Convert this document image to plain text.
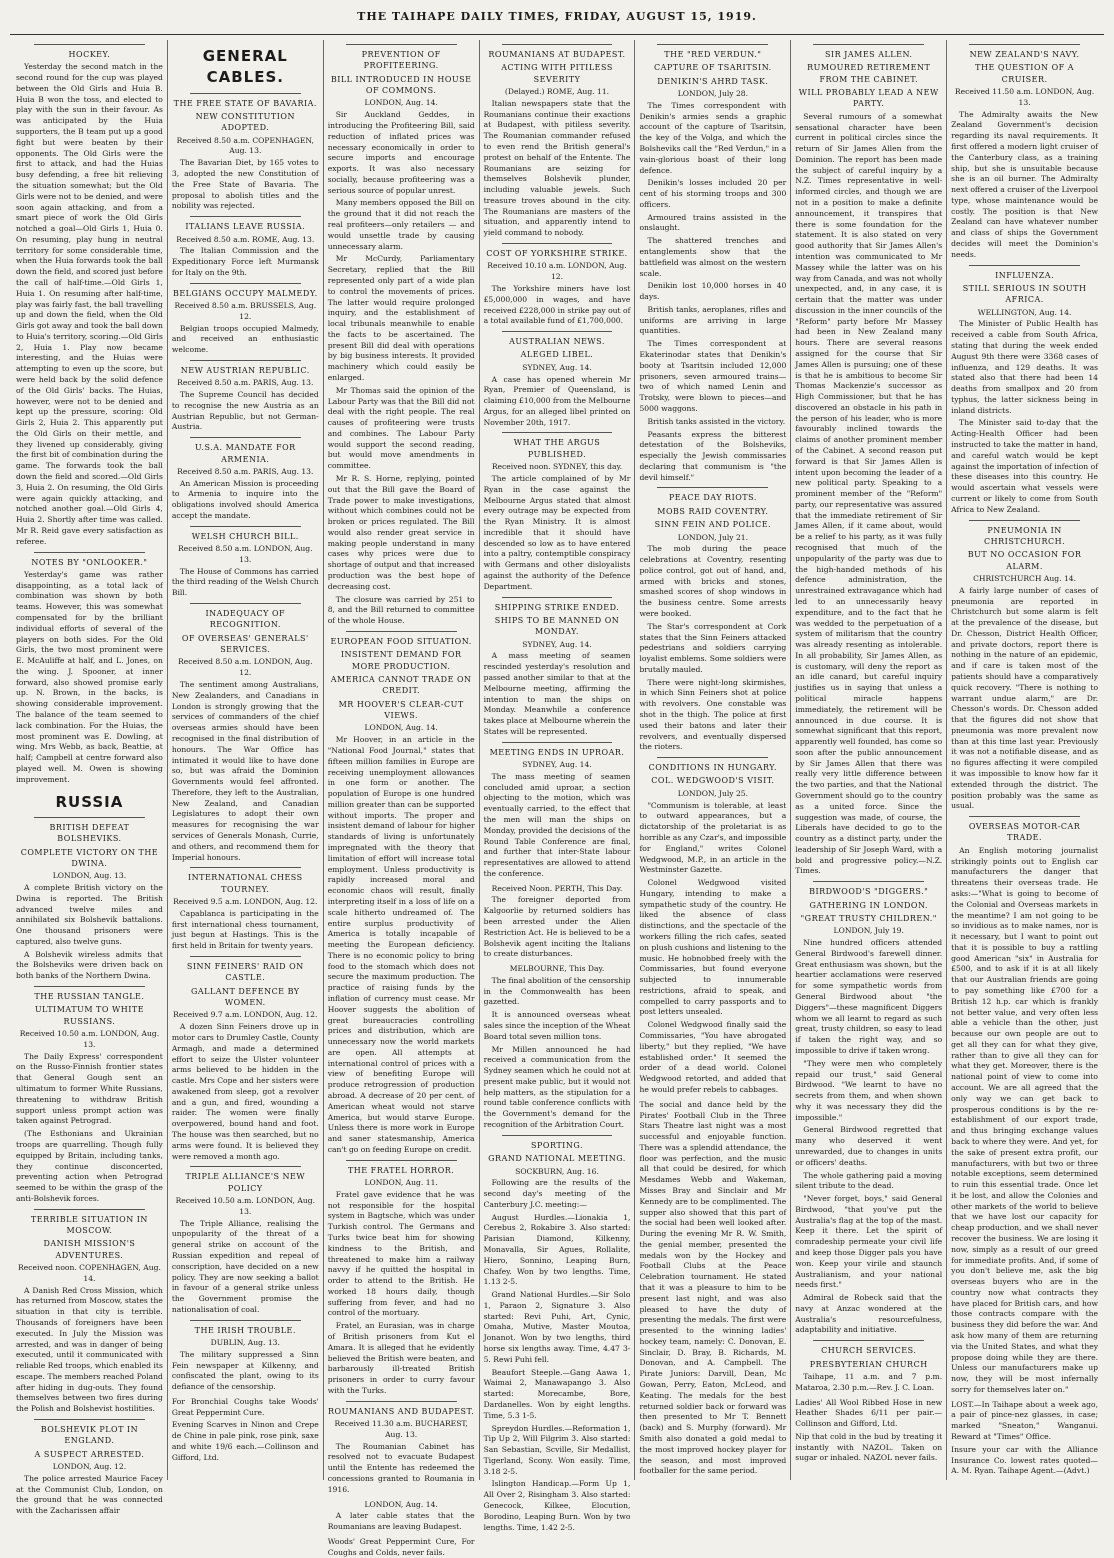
THE TAIHAPE DAILY TIMES, FRIDAY, AUGUST 15, 1919.
HOCKEY.

Yesterday the second match in the second round for the cup was played between the Old Girls and Huia B. Huia B won the toss, and elected to play with the sun in their favour. As was anticipated by the Huia supporters, the B team put up a good fight but were beaten by their opponents. The Old Girls were the first to attack, and had the Huias busy defending, a free hit relieving the situation somewhat; but the Old Girls were not to be denied, and were soon again attacking, and from a smart piece of work the Old Girls notched a goal—Old Girls 1, Huia 0. On resuming, play hung in neutral territory for some considerable time, when the Huia forwards took the ball down the field, and scored just before the call of half-time.—Old Girls 1, Huia 1. On resuming after half-time, play was fairly fast, the ball travelling up and down the field, when the Old Girls got away and took the ball down to Huia's territory, scoring.—Old Girls 2, Huia 1. Play now became interesting, and the Huias were attempting to even up the score, but were held back by the solid defence of the Old Girls' backs. The Huias, however, were not to be denied and kept up the pressure, scoring: Old Girls 2, Huia 2. This apparently put the Old Girls on their mettle, and they livened up considerably, giving the first bit of combination during the game. The forwards took the ball down the field and scored.—Old Girls 3, Huia 2. On resuming, the Old Girls were again quickly attacking, and notched another goal.—Old Girls 4, Huia 2. Shortly after time was called. Mr R. Reid gave every satisfaction as referee.

NOTES BY "ONLOOKER."

Yesterday's game was rather disappointing, as a total lack of combination was shown by both teams. However, this was somewhat compensated for by the brilliant individual efforts of several of the players on both sides. For the Old Girls, the two most prominent were E. McAuliffe at half, and L. Jones, on the wing. J. Spooner, at inner forward, also showed promise early up. N. Brown, in the backs, is showing considerable improvement. The balance of the team seemed to lack combination. For the Huias, the most prominent was E. Dowling, at wing. Mrs Webb, as back, Beattie, at half; Campbell at centre forward also played well. M. Owen is showing improvement.

RUSSIA
BRITISH DEFEAT BOLSHEVIKS.
COMPLETE VICTORY ON THE DWINA.
LONDON, Aug. 13.

A complete British victory on the Dwina is reported. The British advanced twelve miles and annihilated six Bolshevik battalions. One thousand prisoners were captured, also twelve guns.

A Bolshevik wireless admits that the Bolsheviks were driven back on both banks of the Northern Dwina.

THE RUSSIAN TANGLE.
ULTIMATUM TO WHITE RUSSIANS.
Received 10.50 a.m. LONDON, Aug. 13.

The Daily Express' correspondent on the Russo-Finnish frontier states that General Gough sent an ultimatum to former White Russians, threatening to withdraw British support unless prompt action was taken against Petrograd.

(The Esthonians and Ukrainian troops are quarrelling. Though fully equipped by Britain, including tanks, they continue disconcerted, preventing action when Petrograd seemed to be within the grasp of the anti-Bolshevik forces.

TERRIBLE SITUATION IN MOSCOW.
DANISH MISSION'S ADVENTURES.
Received noon. COPENHAGEN, Aug. 14.

A Danish Red Cross Mission, which has returned from Moscow, states the situation in that city is terrible. Thousands of foreigners have been executed. In July the Mission was arrested, and was in danger of being executed, until it communicated with reliable Red troops, which enabled its escape. The members reached Poland after hiding in dug-outs. They found themselves between two fires during the Polish and Bolshevist hostilities.

BOLSHEVIK PLOT IN ENGLAND.
A SUSPECT ARRESTED.
LONDON, Aug. 12.

The police arrested Maurice Facey at the Communist Club, London, on the ground that he was connected with the Zacharissen affair

GENERAL CABLES.
THE FREE STATE OF BAVARIA.
NEW CONSTITUTION ADOPTED.
Received 8.50 a.m. COPENHAGEN, Aug. 13.

The Bavarian Diet, by 165 votes to 3, adopted the new Constitution of the Free State of Bavaria. The proposal to abolish titles and the nobility was rejected.

ITALIANS LEAVE RUSSIA.
Received 8.50 a.m. ROME, Aug. 13.

The Italian Commission and the Expeditionary Force left Murmansk for Italy on the 9th.

BELGIANS OCCUPY MALMEDY.
Received 8.50 a.m. BRUSSELS, Aug. 12.

Belgian troops occupied Malmedy, and received an enthusiastic welcome.

NEW AUSTRIAN REPUBLIC.
Received 8.50 a.m. PARIS, Aug. 13.

The Supreme Council has decided to recognise the new Austria as an Austrian Republic, but not German-Austria.

U.S.A. MANDATE FOR ARMENIA.
Received 8.50 a.m. PARIS, Aug. 13.

An American Mission is proceeding to Armenia to inquire into the obligations involved should America accept the mandate.

WELSH CHURCH BILL.
Received 8.50 a.m. LONDON, Aug. 13.

The House of Commons has carried the third reading of the Welsh Church Bill.

INADEQUACY OF RECOGNITION.
OF OVERSEAS' GENERALS' SERVICES.
Received 8.50 a.m. LONDON, Aug. 12.

The sentiment among Australians, New Zealanders, and Canadians in London is strongly growing that the services of commanders of the chief overseas armies should have been recognised in the final distribution of honours. The War Office has intimated it would like to have done so, but was afraid the Dominion Governments would feel affronted. Therefore, they left to the Australian, New Zealand, and Canadian Legislatures to adopt their own measures for recognising the war services of Generals Monash, Currie, and others, and recommend them for Imperial honours.

INTERNATIONAL CHESS TOURNEY.
Received 9.5 a.m. LONDON, Aug. 12.

Capablanca is participating in the first international chess tournament, just begun at Hastings. This is the first held in Britain for twenty years.

SINN FEINERS' RAID ON CASTLE.
GALLANT DEFENCE BY WOMEN.
Received 9.7 a.m. LONDON, Aug. 12.

A dozen Sinn Feiners drove up in motor cars to Drumley Castle, County Armagh, and made a determined effort to seize the Ulster volunteer arms believed to be hidden in the castle. Mrs Cope and her sisters were awakened from sleep, got a revolver and a gun, and fired, wounding a raider. The women were finally overpowered, bound hand and foot. The house was then searched, but no arms were found. It is believed they were removed a month ago.

TRIPLE ALLIANCE'S NEW POLICY
Received 10.50 a.m. LONDON, Aug. 13.

The Triple Alliance, realising the unpopularity of the threat of a general strike on account of the Russian expedition and repeal of conscription, have decided on a new policy. They are now seeking a ballot in favour of a general strike unless the Government promise the nationalisation of coal.

THE IRISH TROUBLE.
DUBLIN, Aug. 13.

The military suppressed a Sinn Fein newspaper at Kilkenny, and confiscated the plant, owing to its defiance of the censorship.

For Bronchial Coughs take Woods' Great Peppermint Cure.

Evening Scarves in Ninon and Crepe de Chine in pale pink, rose pink, saxe and white 19/6 each.—Collinson and Gifford, Ltd.

PREVENTION OF PROFITEERING.
BILL INTRODUCED IN HOUSE OF COMMONS.
LONDON, Aug. 14.

Sir Auckland Geddes, in introducing the Profiteering Bill, said reduction of inflated prices was necessary economically in order to secure imports and encourage exports. It was also necessary socially, because profiteering was a serious source of popular unrest.

Many members opposed the Bill on the ground that it did not reach the real profiteers—only retailers — and would unsettle trade by causing unnecessary alarm.

Mr McCurdy, Parliamentary Secretary, replied that the Bill represented only part of a wide plan to control the movements of prices. The latter would require prolonged inquiry, and the establishment of local tribunals meanwhile to enable the facts to be ascertained. The present Bill did deal with operations by big business interests. It provided machinery which could easily be enlarged.

Mr Thomas said the opinion of the Labour Party was that the Bill did not deal with the right people. The real causes of profiteering were trusts and combines. The Labour Party would support the second reading, but would move amendments in committee.

Mr R. S. Horne, replying, pointed out that the Bill gave the Board of Trade power to make investigations, without which combines could not be broken or prices regulated. The Bill would also render great service in making people understand in many cases why prices were due to shortage of output and that increased production was the best hope of decreasing cost.

The closure was carried by 251 to 8, and the Bill returned to committee of the whole House.

EUROPEAN FOOD SITUATION.
INSISTENT DEMAND FOR MORE PRODUCTION.
AMERICA CANNOT TRADE ON CREDIT.
MR HOOVER'S CLEAR-CUT VIEWS.
LONDON, Aug. 14.

Mr Hoover, in an article in the "National Food Journal," states that fifteen million families in Europe are receiving unemployment allowances in one form or another. The population of Europe is one hundred million greater than can be supported without imports. The proper and insistent demand of labour for higher standards of living is unfortunately impregnated with the theory that limitation of effort will increase total employment. Unless productivity is rapidly increased moral and economic chaos will result, finally interpreting itself in a loss of life on a scale hitherto undreamed of. The entire surplus productivity of America is totally incapable of meeting the European deficiency. There is no economic policy to bring food to the stomach which does not secure the maximum production. The practice of raising funds by the inflation of currency must cease. Mr Hoover suggests the abolition of great bureaucracies controlling prices and distribution, which are unnecessary now the world markets are open. All attempts at international control of prices with a view of benefiting Europe will produce retrogression of production abroad. A decrease of 20 per cent. of American wheat would not starve America, but would starve Europe. Unless there is more work in Europe and saner statesmanship, America can't go on feeding Europe on credit.

THE FRATEL HORROR.
LONDON, Aug. 11.

Fratel gave evidence that he was not responsible for the hospital system in Bagtsche, which was under Turkish control. The Germans and Turks twice beat him for showing kindness to the British, and threatened to make him a railway navvy if he quitted the hospital in order to attend to the British. He worked 18 hours daily, though suffering from fever, and had no control of the mortuary.

Fratel, an Eurasian, was in charge of British prisoners from Kut el Amara. It is alleged that he evidently believed the British were beaten, and barbarously ill-treated British prisoners in order to curry favour with the Turks.

ROUMANIANS AND BUDAPEST.
Received 11.30 a.m. BUCHAREST, Aug. 13.

The Roumanian Cabinet has resolved not to evacuate Budapest until the Entente has redeemed the concessions granted to Roumania in 1916.

LONDON, Aug. 14.

A later cable states that the Roumanians are leaving Budapest.

Woods' Great Peppermint Cure, For Coughs and Colds, never fails.

ROUMANIANS AT BUDAPEST.
ACTING WITH PITILESS SEVERITY
(Delayed.) ROME, Aug. 11.

Italian newspapers state that the Roumanians continue their exactions at Budapest, with pitiless severity. The Roumanian commander refused to even rend the British general's protest on behalf of the Entente. The Roumanians are seizing for themselves Bolshevik plunder, including valuable jewels. Such treasure troves abound in the city. The Roumanians are masters of the situation, and apparently intend to yield command to nobody.

COST OF YORKSHIRE STRIKE.
Received 10.10 a.m. LONDON, Aug. 12.

The Yorkshire miners have lost £5,000,000 in wages, and have received £228,000 in strike pay out of a total available fund of £1,700,000.

AUSTRALIAN NEWS.
ALEGED LIBEL.
SYDNEY, Aug. 14.

A case has opened wherein Mr Ryan, Premier of Queensland, is claiming £10,000 from the Melbourne Argus, for an alleged libel printed on November 20th, 1917.

WHAT THE ARGUS PUBLISHED.
Received noon. SYDNEY, this day.

The article complained of by Mr Ryan in the case against the Melbourne Argus stated that almost every outrage may be expected from the Ryan Ministry. It is almost incredible that it should have descended so low as to have entered into a paltry, contemptible conspiracy with Germans and other disloyalists against the authority of the Defence Department.

SHIPPING STRIKE ENDED.
SHIPS TO BE MANNED ON MONDAY.
SYDNEY, Aug. 14.

A mass meeting of seamen rescinded yesterday's resolution and passed another similar to that at the Melbourne meeting, affirming the intention to man the ships on Monday. Meanwhile a conference takes place at Melbourne wherein the States will be represented.

MEETING ENDS IN UPROAR.
SYDNEY, Aug. 14.

The mass meeting of seamen concluded amid uproar, a section objecting to the motion, which was eventually carried, to the effect that the men will man the ships on Monday, provided the decisions of the Round Table Conference are final, and further that inter-State labour representatives are allowed to attend the conference.

Received Noon. PERTH, This Day.

The foreigner deported from Kalgoorlie by returned soldiers has been arrested under the Alien Restriction Act. He is believed to be a Bolshevik agent inciting the Italians to create disturbances.

MELBOURNE, This Day.

The final abolition of the censorship in the Commonwealth has been gazetted.

It is announced overseas wheat sales since the inception of the Wheat Board total seven million tons.

Mr Millen announced he had received a communication from the Sydney seamen which he could not at present make public, but it would not help matters, as the stipulation for a round table conference conflicts with the Government's demand for the recognition of the Arbitration Court.

SPORTING.
GRAND NATIONAL MEETING.
SOCKBURN, Aug. 16.

Following are the results of the second day's meeting of the Canterbury J.C. meeting:—

August Hurdles.—Lionakia 1, Cerebus 2, Rokabire 3. Also started: Parisian Diamond, Kilkenny, Monavalla, Sir Agues, Rollalite, Hiero, Sonnino, Leaping Burn, Chafey. Won by two lengths. Time, 1.13 2-5.

Grand National Hurdles.—Sir Solo 1, Paraon 2, Signature 3. Also started: Revi Puhi, Art, Cynic, Omaha, Mutive, Master Moutoa, Jonanot. Won by two lengths, third horse six lengths away. Time, 4.47 3-5. Rewi Puhi fell.

Beaufort Steeple.—Gang Aawa 1, Waimai 2, Manawapango 3. Also started: Morecambe, Bore, Dardanelles. Won by eight lengths. Time, 5.3 1-5.

Spreydon Hurdles.—Reformation 1, Tip Up 2, Will Filgrim 3. Also started: San Sebastian, Scville, Sir Medallist, Tigerland, Scony. Won easily. Time, 3.18 2-5.

Islington Handicap.—Form Up 1, All Over 2, Risingham 3. Also started: Genecock, Kilkee, Elocution, Borodino, Leaping Burn. Won by two lengths. Time, 1.42 2-5.

THE "RED VERDUN."
CAPTURE OF TSARITSIN.
DENIKIN'S AHRD TASK.
LONDON, July 28.

The Times correspondent with Denikin's armies sends a graphic account of the capture of Tsaritsin, the key of the Volga, and which the Bolsheviks call the "Red Verdun," in a vain-glorious boast of their long defence.

Denikin's losses included 20 per cent of his storming troops and 300 officers.

Armoured trains assisted in the onslaught.

The shattered trenches and entanglements show that the battlefield was almost on the western scale.

Denikin lost 10,000 horses in 40 days.

British tanks, aeroplanes, rifles and uniforms are arriving in large quantities.

The Times correspondent at Ekaterinodar states that Denikin's booty at Tsaritsin included 12,000 prisoners, seven armoured trains—two of which named Lenin and Trotsky, were blown to pieces—and 5000 waggons.

British tanks assisted in the victory.

Peasants express the bitterest detestation of the Bolsheviks, especially the Jewish commissaries declaring that communism is "the devil himself."

PEACE DAY RIOTS.
MOBS RAID COVENTRY.
SINN FEIN AND POLICE.
LONDON, July 21.

The mob during the peace celebrations at Coventry, resenting police control, got out of hand, and, armed with bricks and stones, smashed scores of shop windows in the business centre. Some arrests were booked.

The Star's correspondent at Cork states that the Sinn Feiners attacked pedestrians and soldiers carrying loyalist emblems. Some soldiers were brutally mauled.

There were night-long skirmishes, in which Sinn Feiners shot at police with revolvers. One constable was shot in the thigh. The police at first used their batons and later their revolvers, and eventually dispersed the rioters.

CONDITIONS IN HUNGARY.
COL. WEDGWOOD'S VISIT.
LONDON, July 25.

"Communism is tolerable, at least to outward appearances, but a dictatorship of the proletariat is as horrible as any Czar's, and impossible for England," writes Colonel Wedgwood, M.P., in an article in the Westminster Gazette.

Colonel Wedgwood visited Hungary, intending to make a sympathetic study of the country. He liked the absence of class distinctions, and the spectacle of the workers filling the rich cafes, seated on plush cushions and listening to the music. He hobnobbed freely with the Commissaries, but found everyone subjected to innumerable restrictions, afraid to speak, and compelled to carry passports and to post letters unsealed.

Colonel Wedgwood finally said the Commissaries, "You have abrogated liberty," but they replied, "We have established order." It seemed the order of a dead world. Colonel Wedgwood retorted, and added that he would prefer rebels to cabbages.

The social and dance held by the Pirates' Football Club in the Three Stars Theatre last night was a most successful and enjoyable function. There was a splendid attendance, the floor was perfection, and the music all that could be desired, for which Mesdames Webb and Wakeman, Misses Bray and Sinclair and Mr Kennedy are to be complimented. The supper also showed that this part of the social had been well looked after. During the evening Mr R. W. Smith, the genial member, presented the medals won by the Hockey and Football Clubs at the Peace Celebration tournament. He stated that it was a pleasure to him to be present last night, and was also pleased to have the duty of presenting the medals. The first were presented to the winning ladies' hockey team, namely: C. Donovan, E. Sinclair, D. Bray, B. Richards, M. Donovan, and A. Campbell. The Pirate Juniors: Darvill, Dean, Mc Gowan, Perry, Eaton, McLeod, and Keating. The medals for the best returned soldier back or forward was then presented to Mr T. Bennett (back) and S. Murphy (forward). Mr Smith also donated a gold medal to the most improved hockey player for the season, and most improved footballer for the same period.

SIR JAMES ALLEN.
RUMOURED RETIREMENT FROM THE CABINET.
WILL PROBABLY LEAD A NEW PARTY.

Several rumours of a somewhat sensational character have been current in political circles since the return of Sir James Allen from the Dominion. The report has been made the subject of careful inquiry by a N.Z. Times representative in well-informed circles, and though we are not in a position to make a definite announcement, it transpires that there is some foundation for the statement. It is also stated on very good authority that Sir James Allen's intention was communicated to Mr Massey while the latter was on his way from Canada, and was not wholly unexpected, and, in any case, it is certain that the matter was under discussion in the inner councils of the "Reform" party before Mr Massey had been in New Zealand many hours. There are several reasons assigned for the course that Sir James Allen is pursuing; one of these is that he is ambitious to become Sir Thomas Mackenzie's successor as High Commissioner, but that he has discovered an obstacle in his path in the person of his leader, who is more favourably inclined towards the claims of another prominent member of the Cabinet. A second reason put forward is that Sir James Allen is intent upon becoming the leader of a new political party. Speaking to a prominent member of the "Reform" party, our representative was assured that the immediate retirement of Sir James Allen, if it came about, would be a relief to his party, as it was fully recognised that much of the unpopularity of the party was due to the high-handed methods of his defence administration, the unrestrained extravagance which had led to an unnecessarily heavy expenditure, and to the fact that he was wedded to the perpetuation of a system of militarism that the country was already resenting as intolerable. In all probability, Sir James Allen, as is customary, will deny the report as an idle canard, but careful inquiry justifies us in saying that unless a political miracle happens immediately, the retirement will be announced in due course. It is somewhat significant that this report, apparently well founded, has come so soon after the public announcement by Sir James Allen that there was really very little difference between the two parties, and that the National Government should go to the country as a united force. Since the suggestion was made, of course, the Liberals have decided to go to the country as a distinct party, under the leadership of Sir Joseph Ward, with a bold and progressive policy.—N.Z. Times.

BIRDWOOD'S "DIGGERS."
GATHERING IN LONDON.
"GREAT TRUSTY CHILDREN."
LONDON, July 19.

Nine hundred officers attended General Birdwood's farewell dinner. Great enthusiasm was shown, but the heartier acclamations were reserved for some sympathetic words from General Birdwood about "the Diggers"—these magnificent Diggers whom we all learnt to regard as such great, trusty children, so easy to lead if taken the right way, and so impossible to drive if taken wrong.

"They were men who completely repaid our trust," said General Birdwood. "We learnt to have no secrets from them, and when shown why it was necessary they did the impossible."

General Birdwood regretted that many who deserved it went unrewarded, due to changes in units or officers' deaths.

The whole gathering paid a moving silent tribute to the dead.

"Never forget, boys," said General Birdwood, "that you've put the Australia's flag at the top of the mast. Keep it there. Let the spirit of comradeship permeate your civil life and keep those Digger pals you have won. Keep your virile and staunch Australianism, and your national needs first."

Admiral de Robeck said that the navy at Anzac wondered at the Australia's resourcefulness, adaptability and initiative.

CHURCH SERVICES.
PRESBYTERIAN CHURCH

Taihape, 11 a.m. and 7 p.m. Mataroa, 2.30 p.m.—Rev. J. C. Loan.

Ladies' All Wool Ribbed Hose in new Heather Shades 6/11 per pair.—Collinson and Gifford, Ltd.

Nip that cold in the bud by treating it instantly with NAZOL. Taken on sugar or inhaled. NAZOL never fails.

NEW ZEALAND'S NAVY.
THE QUESTION OF A CRUISER.
Received 11.50 a.m. LONDON, Aug. 13.

The Admiralty awaits the New Zealand Government's decision regarding its naval requirements. It first offered a modern light cruiser of the Canterbury class, as a training ship, but she is unsuitable because she is an oil burner. The Admiralty next offered a cruiser of the Liverpool type, whose maintenance would be costly. The position is that New Zealand can have whatever number and class of ships the Government decides will meet the Dominion's needs.

INFLUENZA.
STILL SERIOUS IN SOUTH AFRICA.
WELLINGTON, Aug. 14.

The Minister of Public Health has received a cable from South Africa, stating that during the week ended August 9th there were 3368 cases of influenza, and 129 deaths. It was stated also that there had been 14 deaths from smallpox and 20 from typhus, the latter sickness being in inland districts.

The Minister said to-day that the Acting-Health Officer had been instructed to take the matter in hand, and careful watch would be kept against the importation of infection of these diseases into this country. He would ascertain what vessels were current or likely to come from South Africa to New Zealand.

PNEUMONIA IN CHRISTCHURCH.
BUT NO OCCASION FOR ALARM.
CHRISTCHURCH Aug. 14.

A fairly large number of cases of pneumonia are reported in Christchurch but some alarm is felt at the prevalence of the disease, but Dr. Chesson, District Health Officer, and private doctors, report there is nothing in the nature of an epidemic, and if care is taken most of the patients should have a comparatively quick recovery. "There is nothing to warrant undue alarm," are Dr. Chesson's words. Dr. Chesson added that the figures did not show that pneumonia was more prevalent now than at this time last year. Previously it was not a notifiable disease, and as no figures affecting it were compiled it was impossible to know how far it extended through the district. The position probably was the same as usual.

OVERSEAS MOTOR-CAR TRADE.

An English motoring journalist strikingly points out to English car manufacturers the danger that threatens their overseas trade. He asks:—"What is going to become of the Colonial and Overseas markets in the meantime? I am not going to be so invidious as to make names, nor is it necessary, but I want to point out that it is possible to buy a rattling good American "six" in Australia for £500, and to ask if it is at all likely that our Australian friends are going to pay something like £700 for a British 12 h.p. car which is frankly not better value, and very often less able a vehicle than the other, just because our own people are out to get all they can for what they give, rather than to give all they can for what they get. Moreover, there is the national point of view to come into account. We are all agreed that the only way we can get back to prosperous conditions is by the re-establishment of our export trade, and thus bringing exchange values back to where they were. And yet, for the sake of present extra profit, our manufacturers, with but two or three notable exceptions, seem determined to ruin this essential trade. Once let it be lost, and allow the Colonies and other markets of the world to believe that we have lost our capacity for cheap production, and we shall never recover the business. We are losing it now, simply as a result of our greed for immediate profits. And, if some of you don't believe me, ask the big overseas buyers who are in the country now what contracts they have placed for British cars, and how those contracts compare with the business they did before the war. And ask how many of them are returning via the United States, and what they propose doing while they are there. Unless our manufacturers make up now, they will be most infernally sorry for themselves later on."

LOST.—In Taihape about a week ago, a pair of pince-nez glasses, in case; marked "Sneaton," Wanganui. Reward at "Times" Office.

Insure your car with the Alliance Insurance Co. lowest rates quoted—A. M. Ryan. Taihape Agent.—(Advt.)
